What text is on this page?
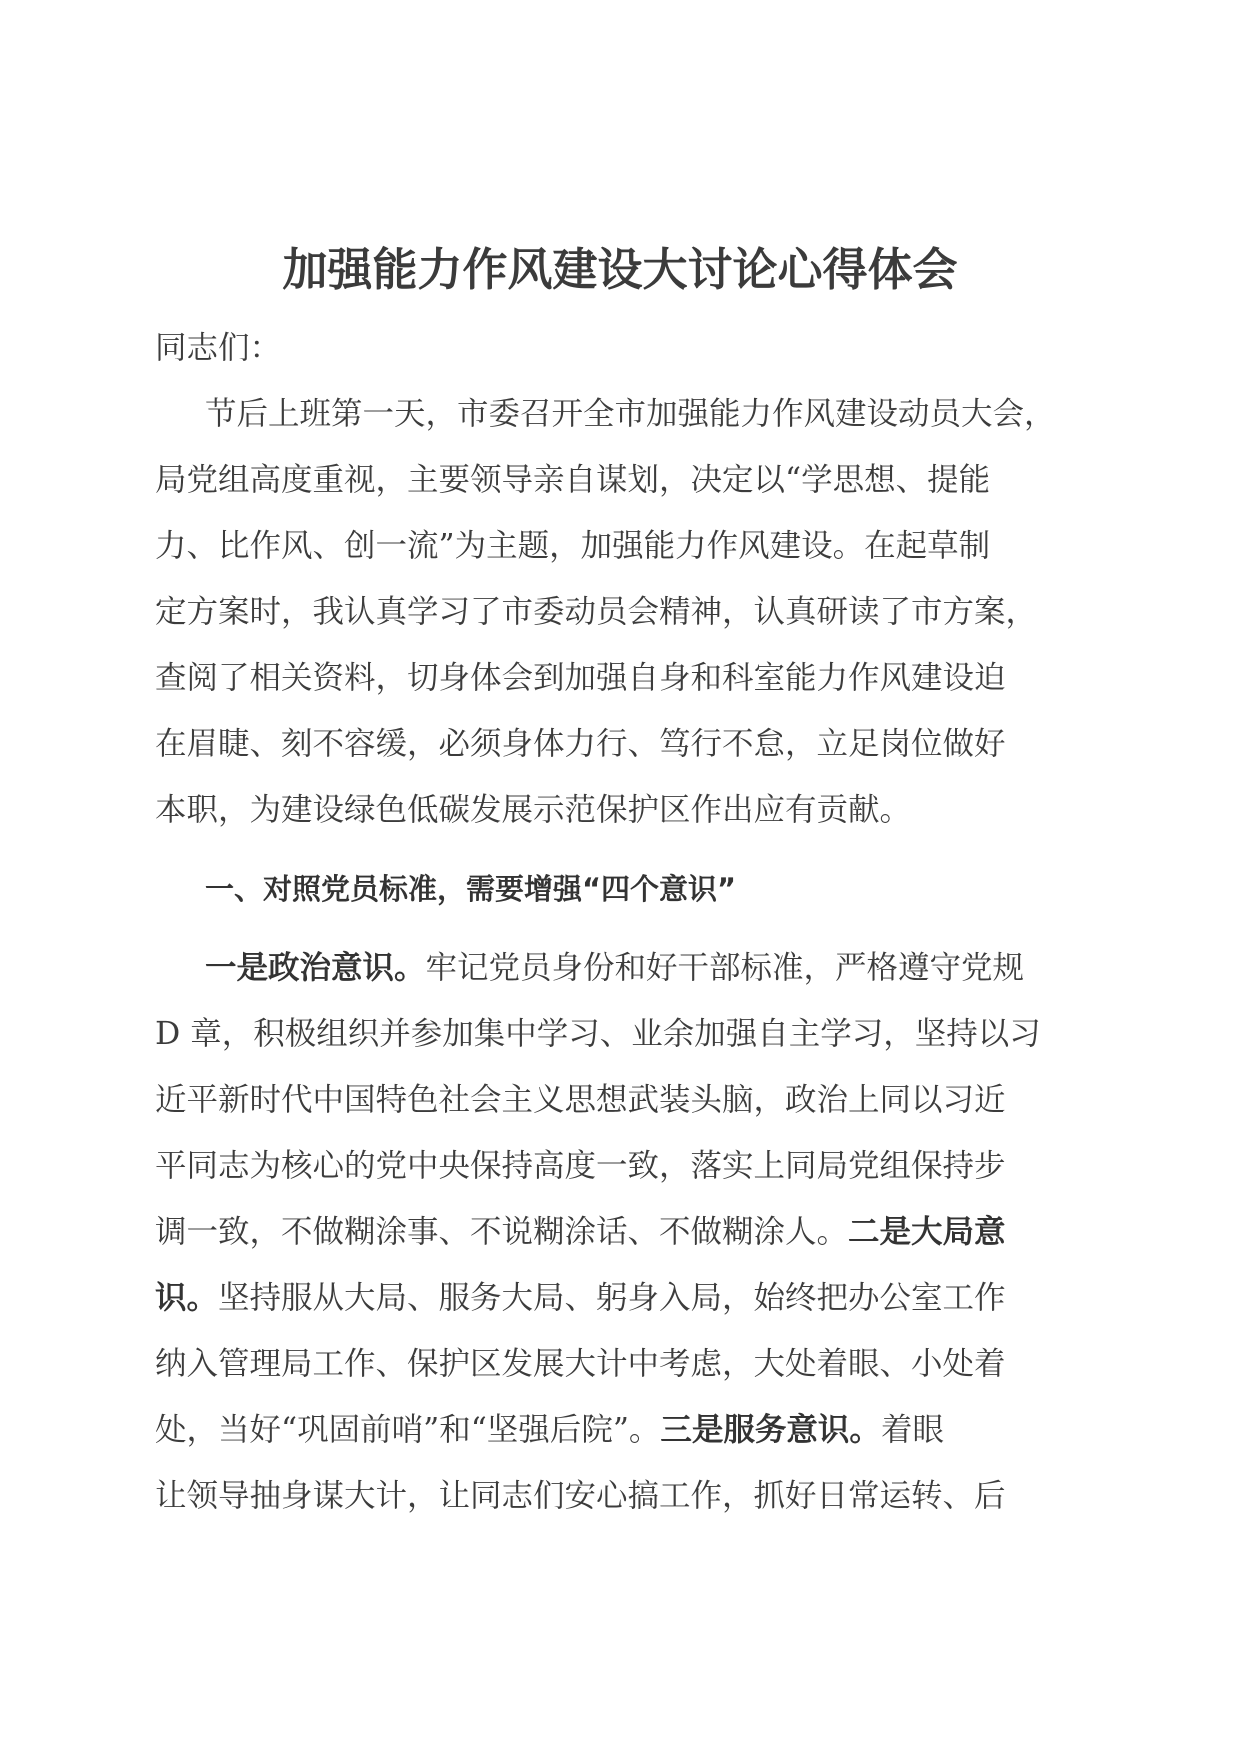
加强能力作风建设大讨论心得体会
同志们：
节后上班第一天，市委召开全市加强能力作风建设动员大会，
局党组高度重视，主要领导亲自谋划，决定以“学思想、提能
力、比作风、创一流”为主题，加强能力作风建设。在起草制
定方案时，我认真学习了市委动员会精神，认真研读了市方案，
查阅了相关资料，切身体会到加强自身和科室能力作风建设迫
在眉睫、刻不容缓，必须身体力行、笃行不怠，立足岗位做好
本职，为建设绿色低碳发展示范保护区作出应有贡献。
一、对照党员标准，需要增强“四个意识”
一是政治意识。牢记党员身份和好干部标准，严格遵守党规
D 章，积极组织并参加集中学习、业余加强自主学习，坚持以习
近平新时代中国特色社会主义思想武装头脑，政治上同以习近
平同志为核心的党中央保持高度一致，落实上同局党组保持步
调一致，不做糊涂事、不说糊涂话、不做糊涂人。二是大局意
识。坚持服从大局、服务大局、躬身入局，始终把办公室工作
纳入管理局工作、保护区发展大计中考虑，大处着眼、小处着
处，当好“巩固前哨”和“坚强后院”。三是服务意识。着眼
让领导抽身谋大计，让同志们安心搞工作，抓好日常运转、后
